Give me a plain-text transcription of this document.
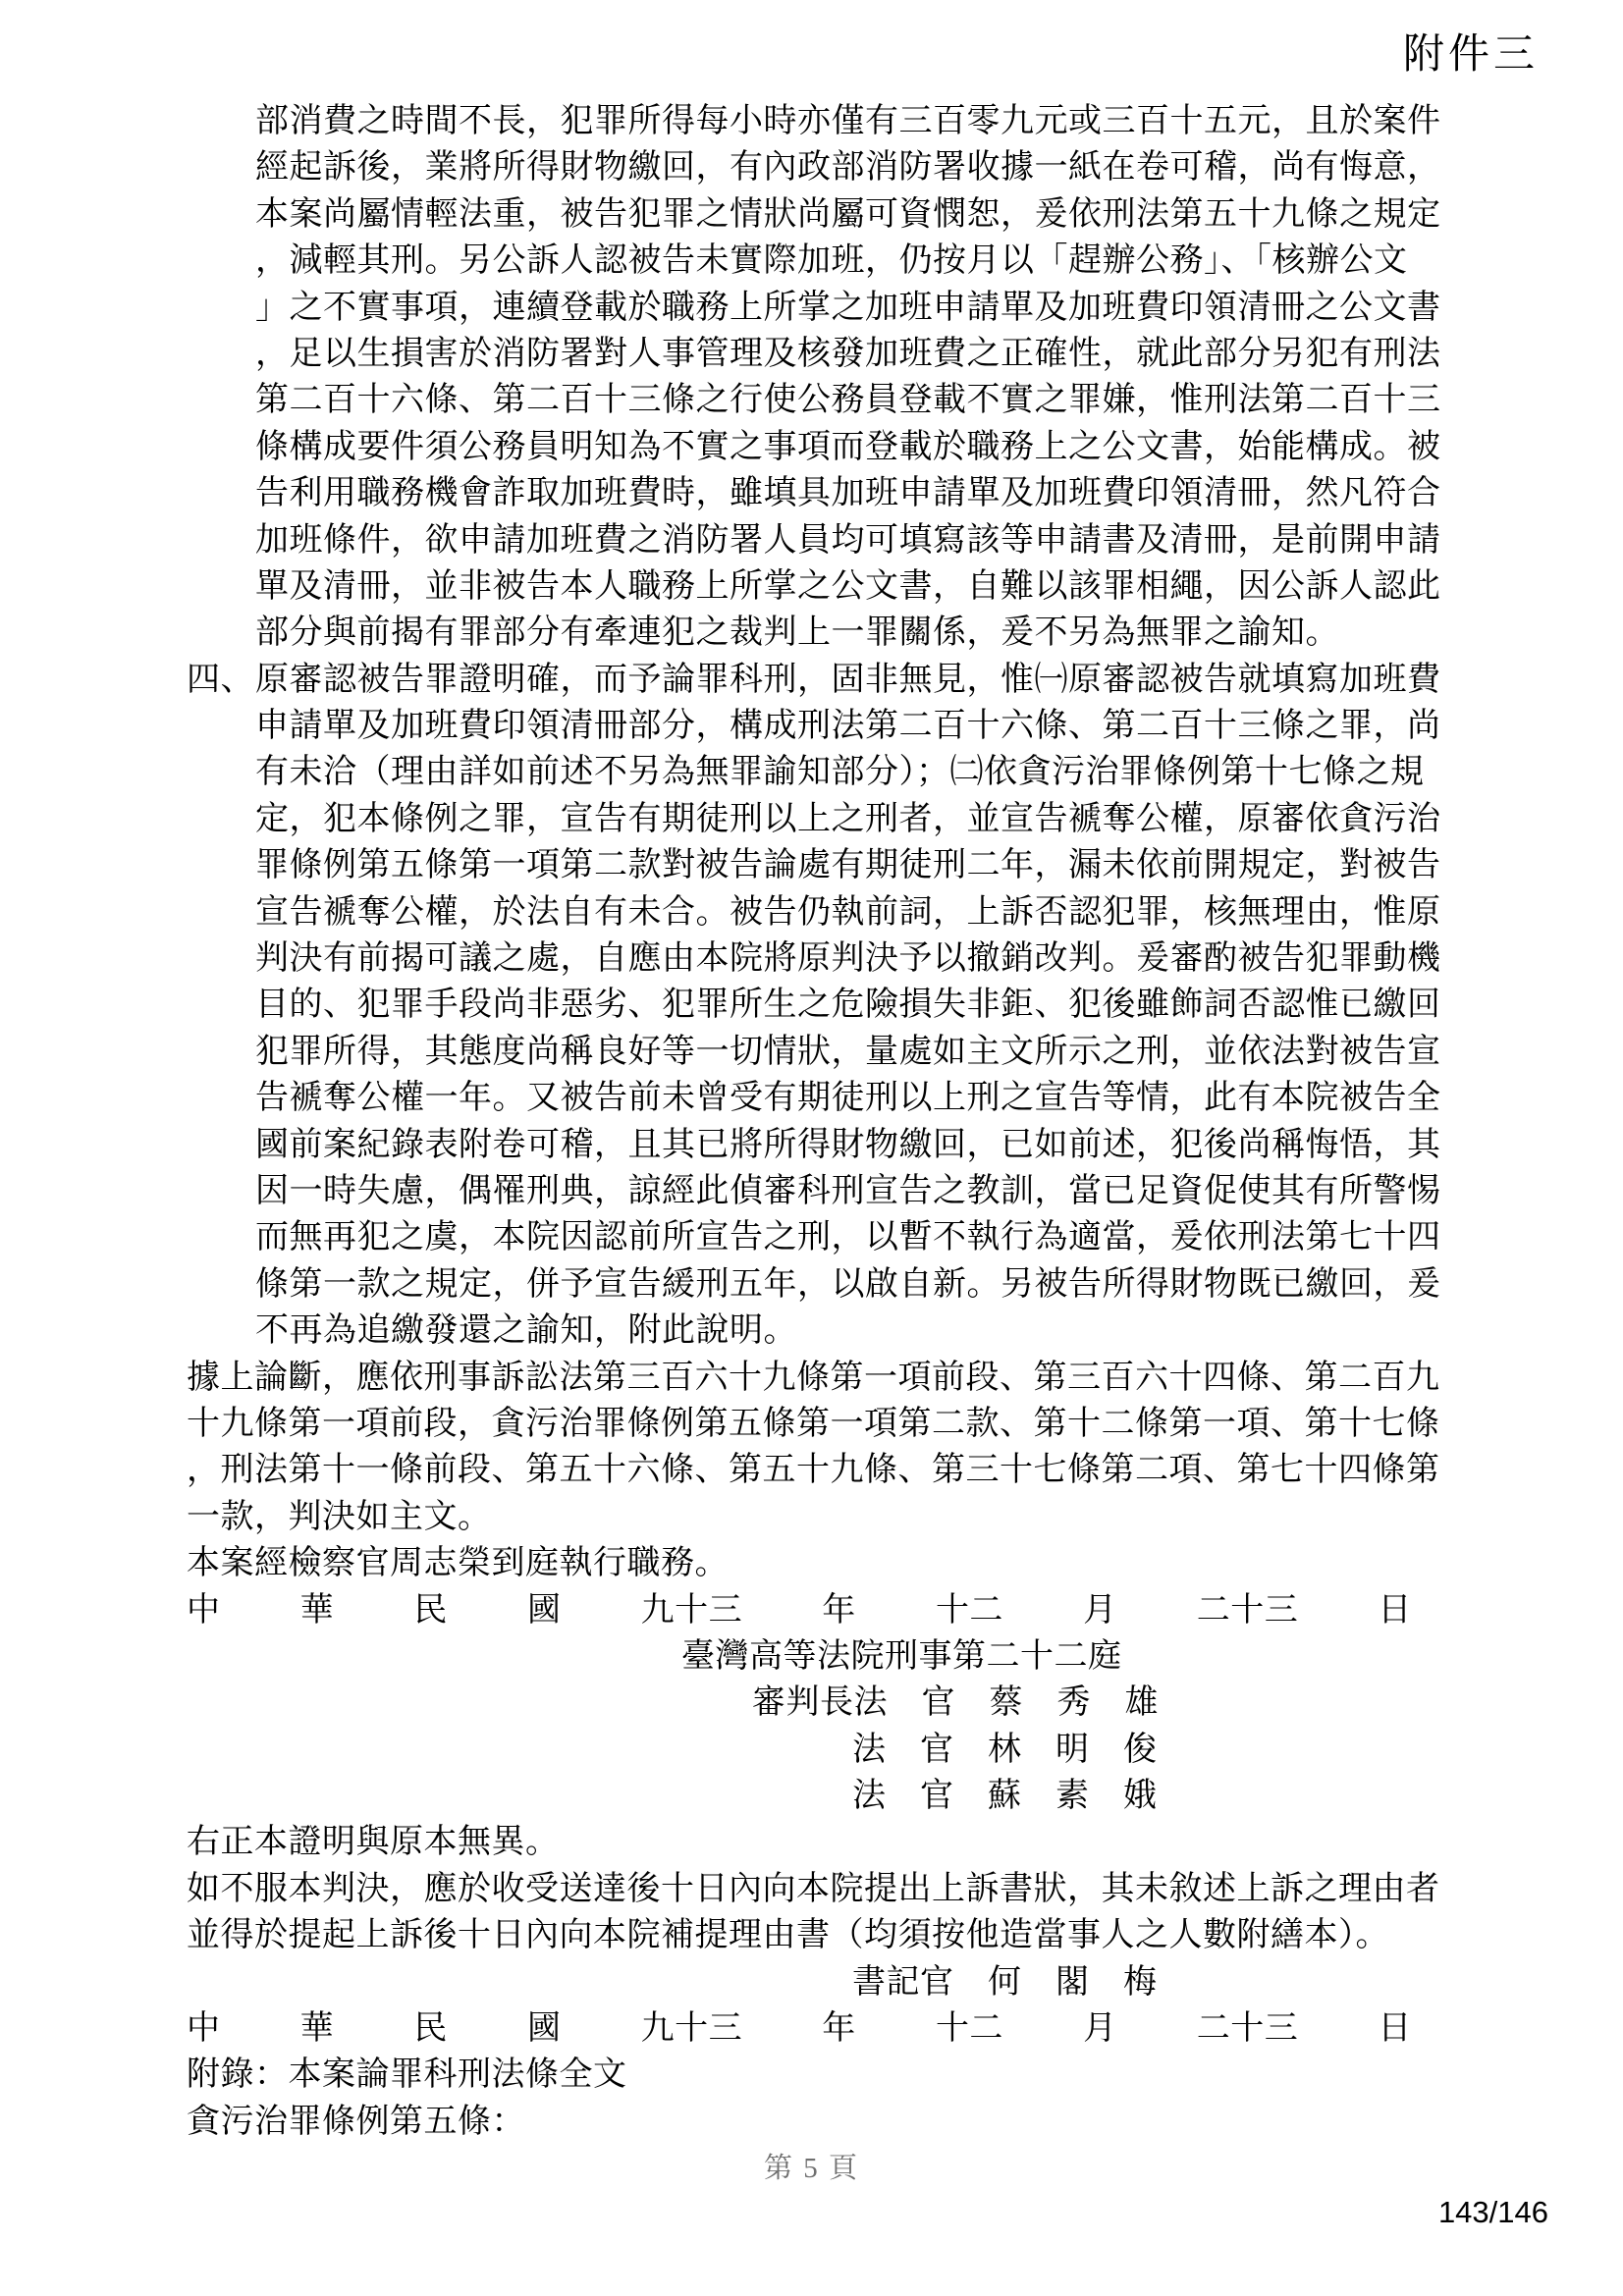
附件三
部消費之時間不長，犯罪所得每小時亦僅有三百零九元或三百十五元，且於案件
經起訴後，業將所得財物繳回，有內政部消防署收據一紙在卷可稽，尚有悔意，
本案尚屬情輕法重，被告犯罪之情狀尚屬可資憫恕，爰依刑法第五十九條之規定
，減輕其刑。另公訴人認被告未實際加班，仍按月以「趕辦公務」、「核辦公文
」之不實事項，連續登載於職務上所掌之加班申請單及加班費印領清冊之公文書
，足以生損害於消防署對人事管理及核發加班費之正確性，就此部分另犯有刑法
第二百十六條、第二百十三條之行使公務員登載不實之罪嫌，惟刑法第二百十三
條構成要件須公務員明知為不實之事項而登載於職務上之公文書，始能構成。被
告利用職務機會詐取加班費時，雖填具加班申請單及加班費印領清冊，然凡符合
加班條件，欲申請加班費之消防署人員均可填寫該等申請書及清冊，是前開申請
單及清冊，並非被告本人職務上所掌之公文書，自難以該罪相繩，因公訴人認此
部分與前揭有罪部分有牽連犯之裁判上一罪關係，爰不另為無罪之諭知。
四、 原審認被告罪證明確，而予論罪科刑，固非無見，惟㈠原審認被告就填寫加班費
申請單及加班費印領清冊部分，構成刑法第二百十六條、第二百十三條之罪，尚
有未洽（理由詳如前述不另為無罪諭知部分）；㈡依貪污治罪條例第十七條之規
定，犯本條例之罪，宣告有期徒刑以上之刑者，並宣告褫奪公權，原審依貪污治
罪條例第五條第一項第二款對被告論處有期徒刑二年，漏未依前開規定，對被告
宣告褫奪公權，於法自有未合。被告仍執前詞，上訴否認犯罪，核無理由，惟原
判決有前揭可議之處，自應由本院將原判決予以撤銷改判。爰審酌被告犯罪動機
目的、犯罪手段尚非惡劣、犯罪所生之危險損失非鉅、犯後雖飾詞否認惟已繳回
犯罪所得，其態度尚稱良好等一切情狀，量處如主文所示之刑，並依法對被告宣
告褫奪公權一年。又被告前未曾受有期徒刑以上刑之宣告等情，此有本院被告全
國前案紀錄表附卷可稽，且其已將所得財物繳回，已如前述，犯後尚稱悔悟，其
因一時失慮，偶罹刑典，諒經此偵審科刑宣告之教訓，當已足資促使其有所警惕
而無再犯之虞，本院因認前所宣告之刑，以暫不執行為適當，爰依刑法第七十四
條第一款之規定，併予宣告緩刑五年，以啟自新。另被告所得財物既已繳回，爰
不再為追繳發還之諭知，附此說明。
據上論斷，應依刑事訴訟法第三百六十九條第一項前段、第三百六十四條、第二百九
十九條第一項前段，貪污治罪條例第五條第一項第二款、第十二條第一項、第十七條
，刑法第十一條前段、第五十六條、第五十九條、第三十七條第二項、第七十四條第
一款，判決如主文。
本案經檢察官周志榮到庭執行職務。
中 華 民 國 九十三 年 十二 月 二十三 日
臺灣高等法院刑事第二十二庭
審判長法　官　蔡　秀　雄
法　官　林　明　俊
法　官　蘇　素　娥
右正本證明與原本無異。
如不服本判決，應於收受送達後十日內向本院提出上訴書狀，其未敘述上訴之理由者
並得於提起上訴後十日內向本院補提理由書（均須按他造當事人之人數附繕本）。
書記官　何　閣　梅
中 華 民 國 九十三 年 十二 月 二十三 日
附錄：本案論罪科刑法條全文
貪污治罪條例第五條：
第 5 頁
143/146
